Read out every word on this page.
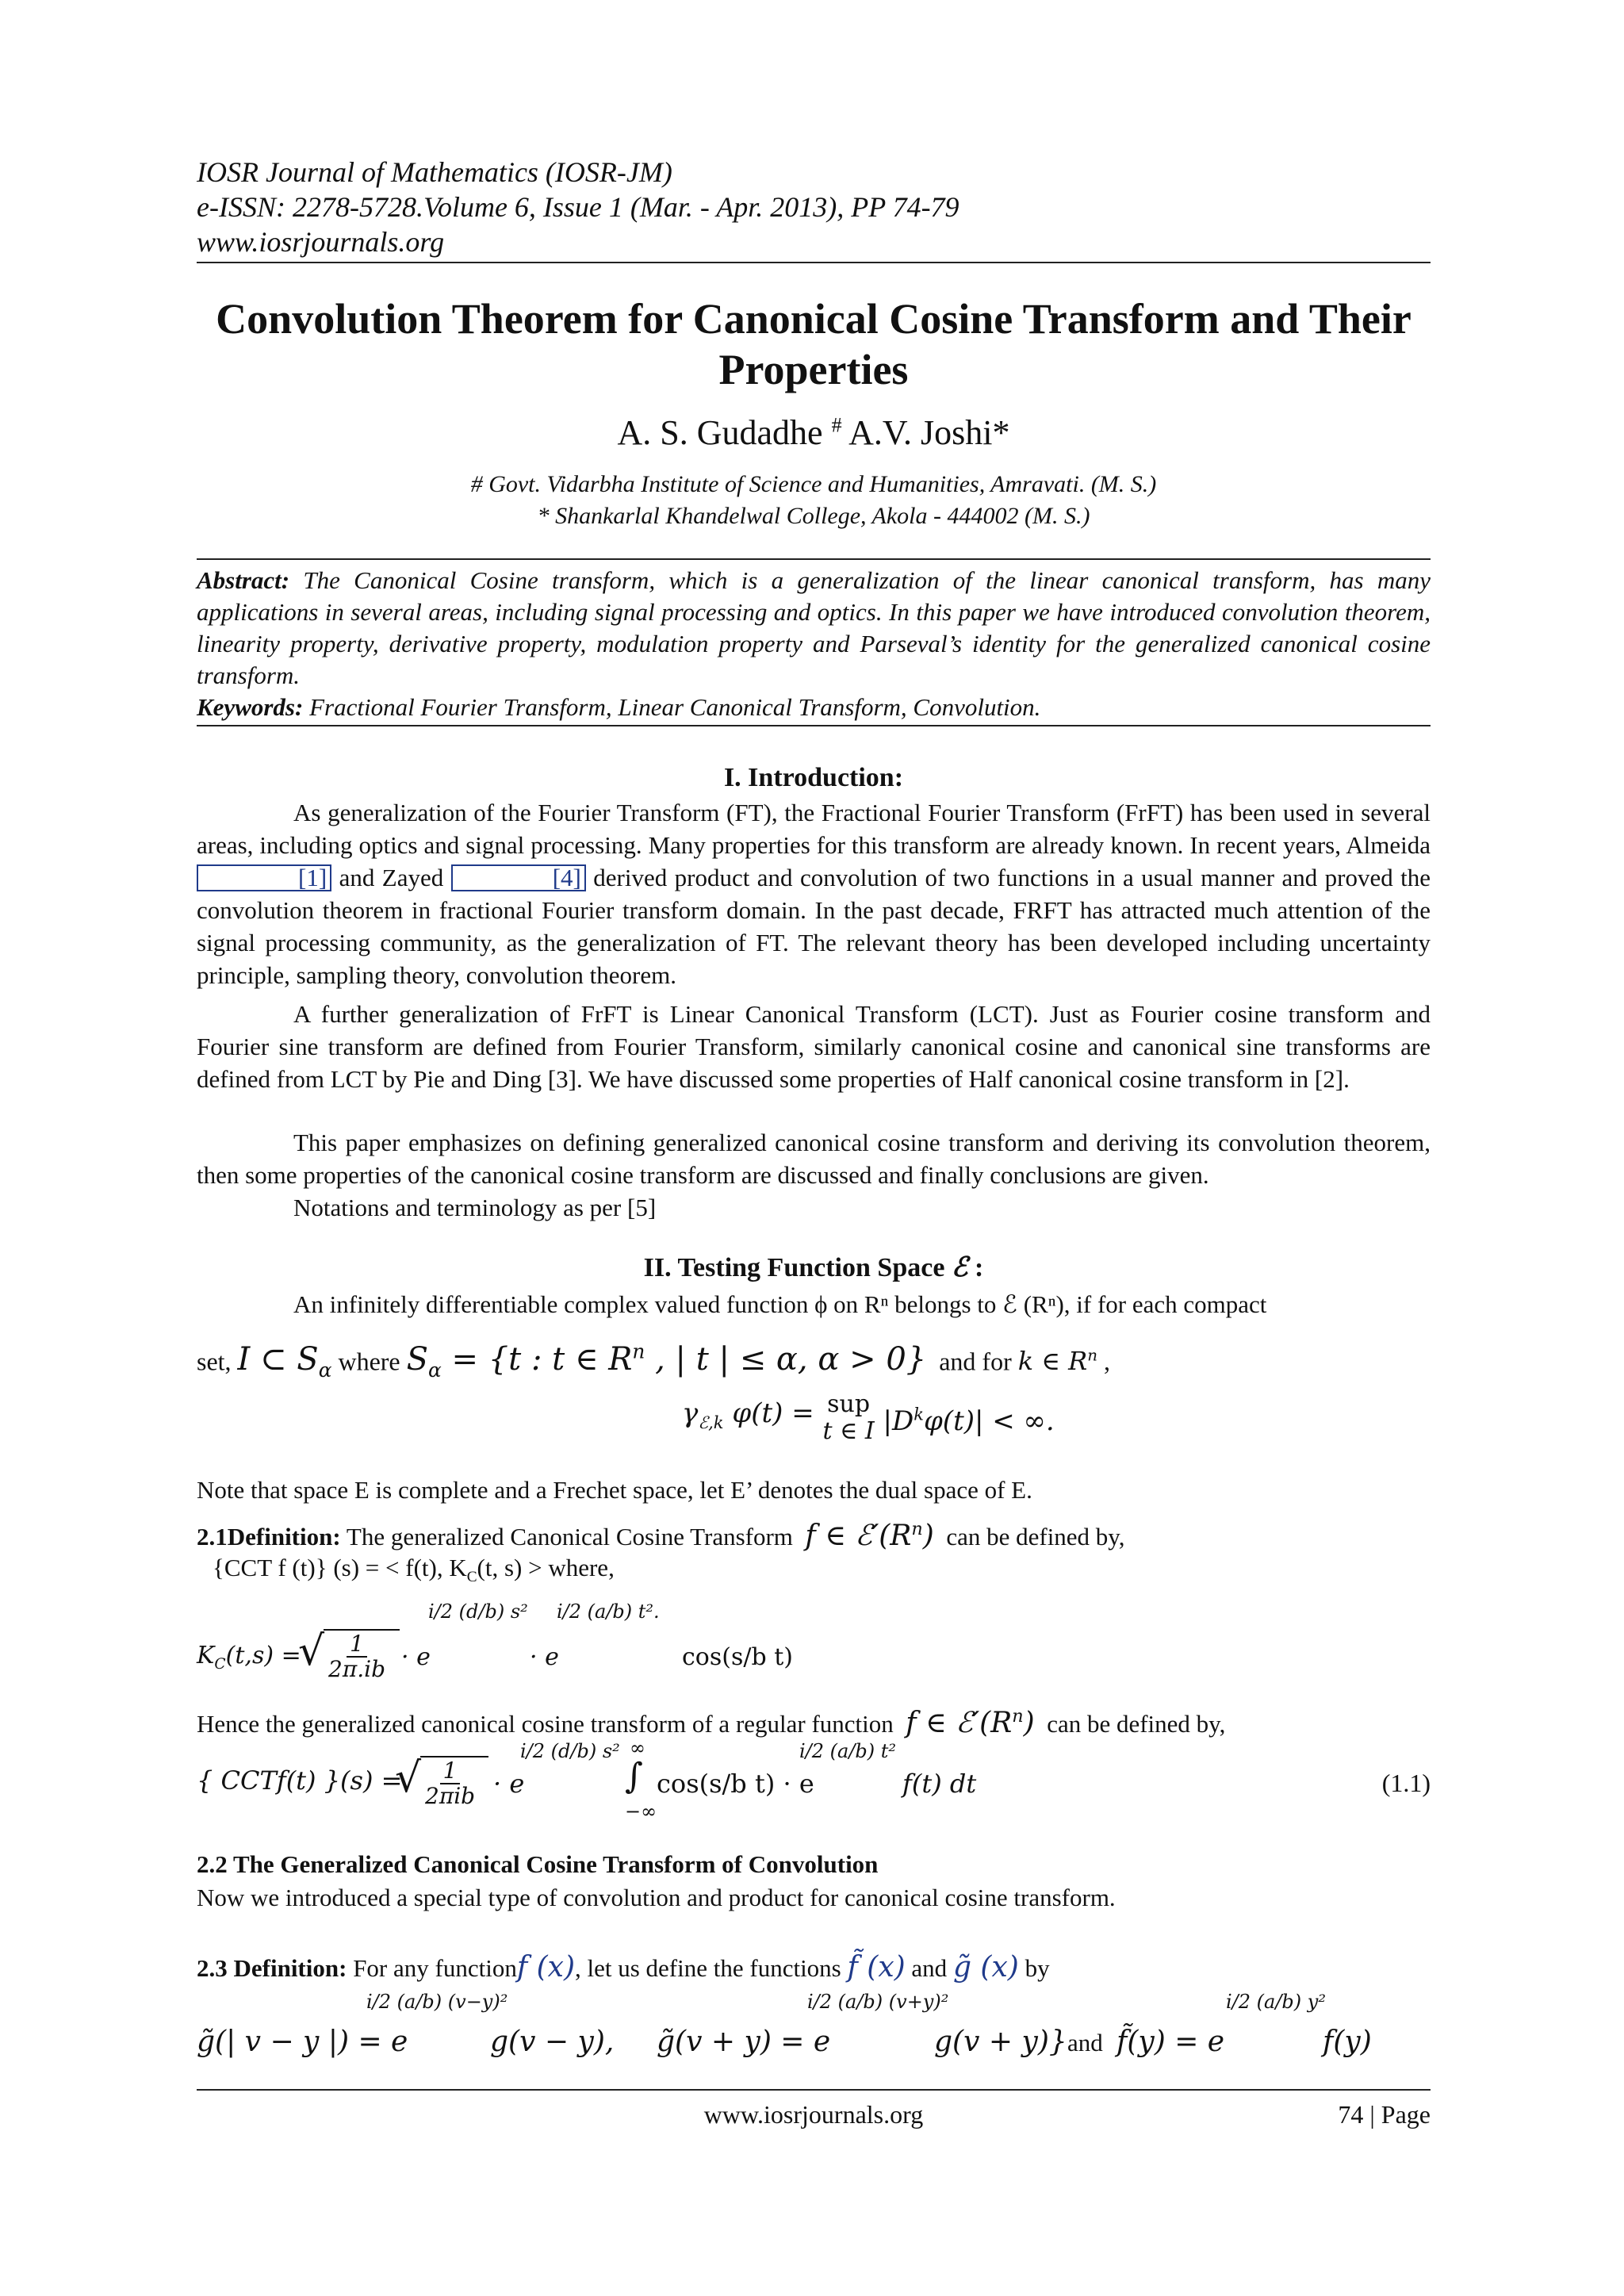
IOSR Journal of Mathematics (IOSR-JM)
e-ISSN: 2278-5728.Volume 6, Issue 1 (Mar. - Apr. 2013), PP 74-79
www.iosrjournals.org
Convolution Theorem for Canonical Cosine Transform and Their Properties
A. S. Gudadhe # A.V. Joshi*
# Govt. Vidarbha Institute of Science and Humanities, Amravati. (M. S.)
* Shankarlal Khandelwal College, Akola - 444002 (M. S.)
Abstract: The Canonical Cosine transform, which is a generalization of the linear canonical transform, has many applications in several areas, including signal processing and optics. In this paper we have introduced convolution theorem, linearity property, derivative property, modulation property and Parseval’s identity for the generalized canonical cosine transform.
Keywords: Fractional Fourier Transform, Linear Canonical Transform, Convolution.
I. Introduction:
As generalization of the Fourier Transform (FT), the Fractional Fourier Transform (FrFT) has been used in several areas, including optics and signal processing. Many properties for this transform are already known. In recent years, Almeida [1] and Zayed	[4] derived product and convolution of two functions in a usual manner and proved the convolution theorem in fractional Fourier transform domain. In the past decade, FRFT has attracted much attention of the signal processing community, as the generalization of FT. The relevant theory has been developed including uncertainty principle, sampling theory, convolution theorem.
A further generalization of FrFT is Linear Canonical Transform (LCT). Just as Fourier cosine transform and Fourier sine transform are defined from Fourier Transform, similarly canonical cosine and canonical sine transforms are defined from LCT by Pie and Ding [3]. We have discussed some properties of Half canonical cosine transform in [2].
This paper emphasizes on defining generalized canonical cosine transform and deriving its convolution theorem, then some properties of the canonical cosine transform are discussed and finally conclusions are given.
Notations and terminology as per [5]
II. Testing Function Space ℰ :
An infinitely differentiable complex valued function ϕ on Rⁿ belongs to ℰ (Rⁿ), if for each compact
set, I ⊂ $S_\alpha$ where $S_\alpha = \{t$ : t ∈ $R^n$ , | t | ≤ α, α > 0} and for k ∈ $R^n$ ,
$\gamma_{ℰ,k}$ φ(t) = sup
t ∈ I $|D^k\varphi(t)|$ < ∞.
Note that space E is complete and a Frechet space, let E’ denotes the dual space of E.
2.1Definition: The generalized Canonical Cosine Transform f ∈ $ℰ'(R^n)$ can be defined by,
{CCT f (t)} (s) = < f(t), $K_C(t$, s) > where,
$K_C(t,s)$ =
√ $\frac{1}{2\pi.ib} \cdot e$
i/2 (d/b) s²
· e
i/2 (a/b) t².
cos(s/b t)
Hence the generalized canonical cosine transform of a regular function f ∈ $ℰ'(R^n)$ can be defined by,
{ CCTf(t) }(s) =
√ 1
2πib · e
i/2 (d/b) s²
∫
∞
−∞
cos(s/b t) · e
i/2 (a/b) t²
f(t) dt	(1.1)
2.2 The Generalized Canonical Cosine Transform of Convolution
Now we introduced a special type of convolution and product for canonical cosine transform.
2.3 Definition: For any functionf (x), let us define the functions f̃ (x) and g̃ (x) by
g̃(| v − y |) = e
i/2 (a/b) (v−y)²
g(v − y), g̃(v + y) = e
i/2 (a/b) (v+y)²
g(v + y)} and f̃(y) = e
i/2 (a/b) y²
f(y)
www.iosrjournals.org	74 | Page
